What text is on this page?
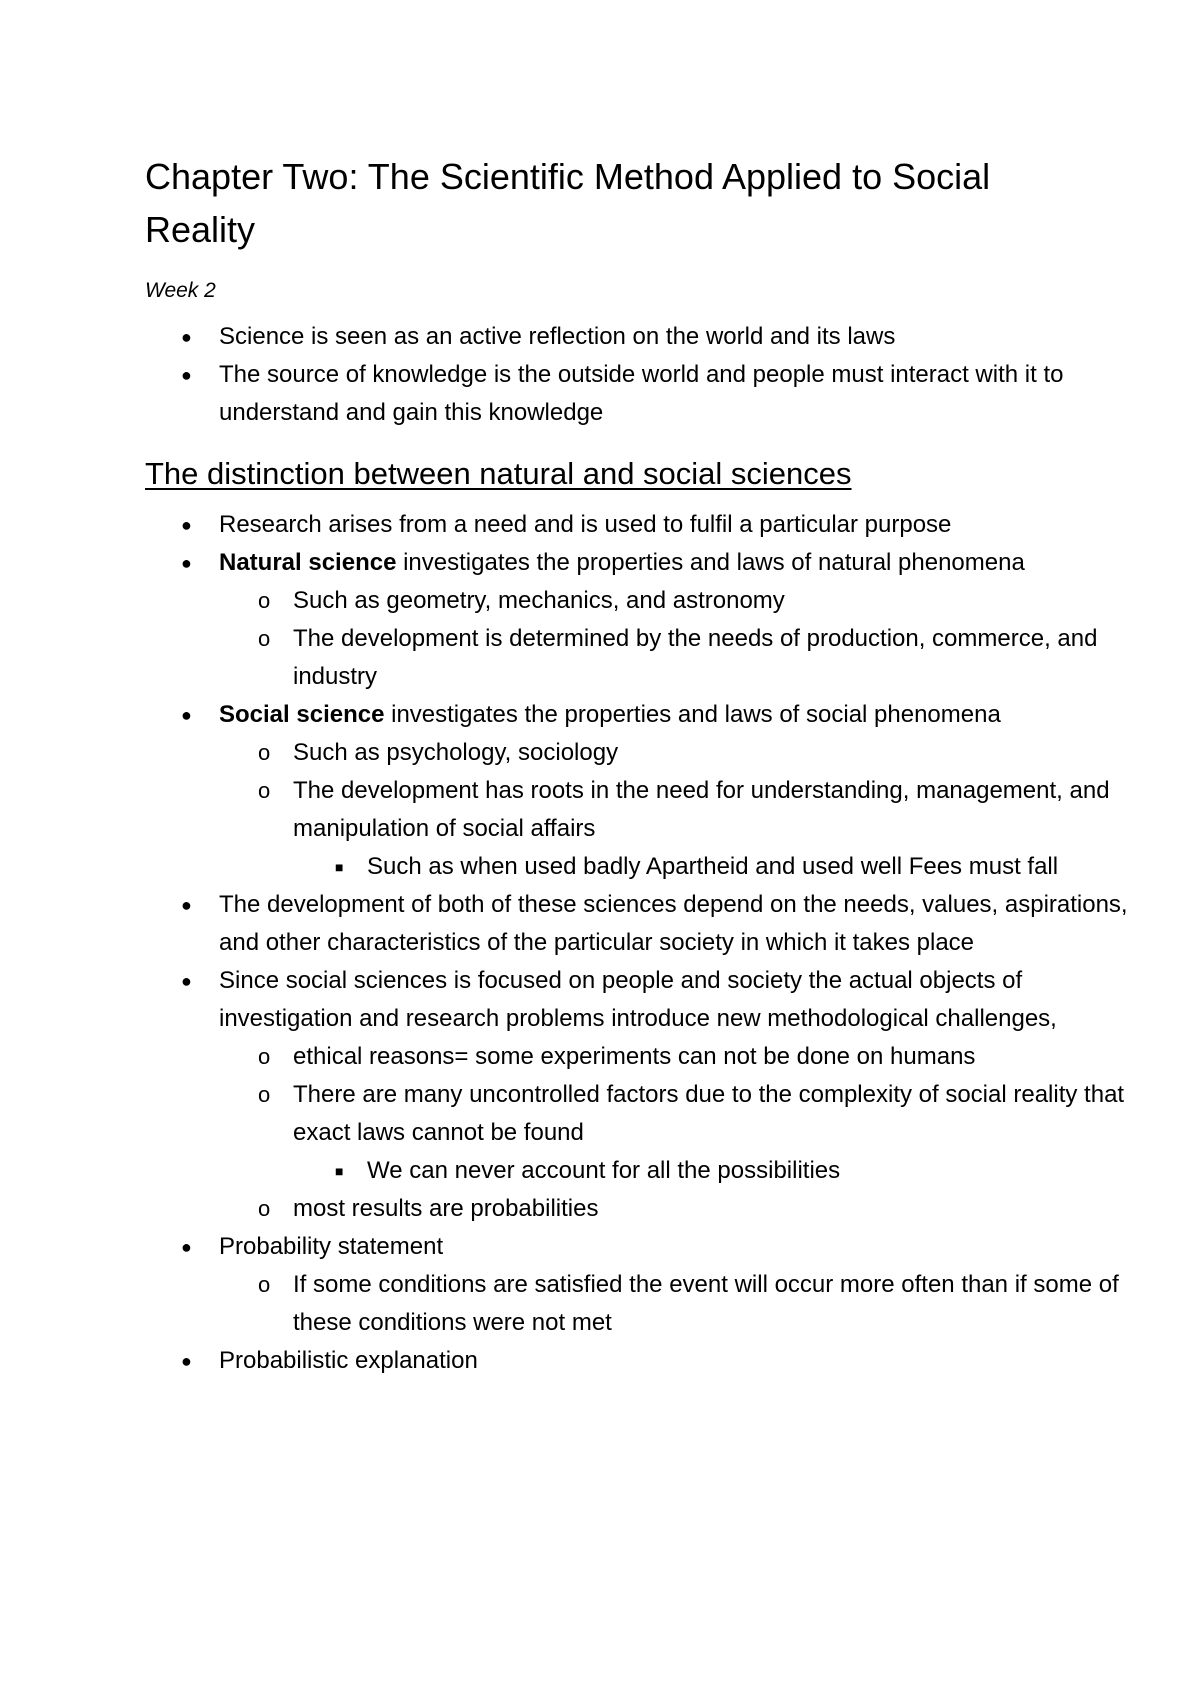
Chapter Two: The Scientific Method Applied to Social Reality
Week 2
● Science is seen as an active reflection on the world and its laws
● The source of knowledge is the outside world and people must interact with it to understand and gain this knowledge
The distinction between natural and social sciences
● Research arises from a need and is used to fulfil a particular purpose
● Natural science investigates the properties and laws of natural phenomena
o Such as geometry, mechanics, and astronomy
o The development is determined by the needs of production, commerce, and industry
● Social science investigates the properties and laws of social phenomena
o Such as psychology, sociology
o The development has roots in the need for understanding, management, and manipulation of social affairs
■ Such as when used badly Apartheid and used well Fees must fall
● The development of both of these sciences depend on the needs, values, aspirations, and other characteristics of the particular society in which it takes place
● Since social sciences is focused on people and society the actual objects of investigation and research problems introduce new methodological challenges,
o ethical reasons= some experiments can not be done on humans
o There are many uncontrolled factors due to the complexity of social reality that exact laws cannot be found
■ We can never account for all the possibilities
o most results are probabilities
● Probability statement
o If some conditions are satisfied the event will occur more often than if some of these conditions were not met
● Probabilistic explanation
